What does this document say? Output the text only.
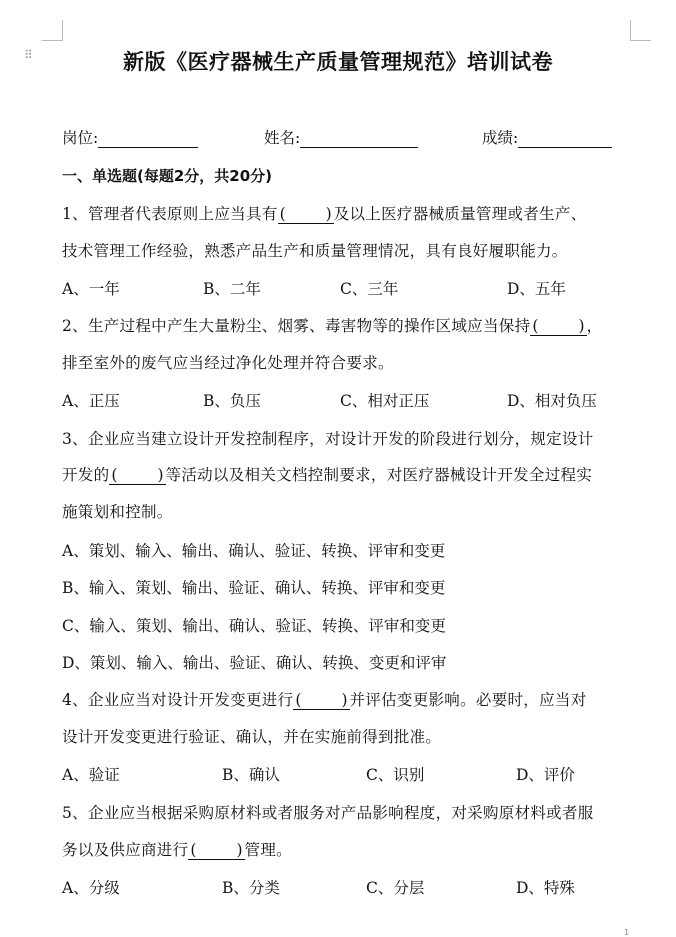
⠿	新版《医疗器械生产质量管理规范》培训试卷
岗位:	姓名:	成绩:
一、单选题(每题2分，共20分)
1、管理者代表原则上应当具有 (	) 及以上医疗器械质量管理或者生产、
技术管理工作经验，熟悉产品生产和质量管理情况，具有良好履职能力。
A、一年	B、二年	C、三年	D、五年
2、生产过程中产生大量粉尘、烟雾、毒害物等的操作区域应当保持 (	) ，
排至室外的废气应当经过净化处理并符合要求。
A、正压	B、负压	C、相对正压	D、相对负压
3、企业应当建立设计开发控制程序，对设计开发的阶段进行划分，规定设计
开发的 (	) 等活动以及相关文档控制要求，对医疗器械设计开发全过程实
施策划和控制。
A、策划、输入、输出、确认、验证、转换、评审和变更
B、输入、策划、输出、验证、确认、转换、评审和变更
C、输入、策划、输出、确认、验证、转换、评审和变更
D、策划、输入、输出、验证、确认、转换、变更和评审
4、企业应当对设计开发变更进行 (	) 并评估变更影响。必要时，应当对
设计开发变更进行验证、确认，并在实施前得到批准。
A、验证	B、确认	C、识别	D、评价
5、企业应当根据采购原材料或者服务对产品影响程度，对采购原材料或者服
务以及供应商进行 (	) 管理。
A、分级	B、分类	C、分层	D、特殊
1
